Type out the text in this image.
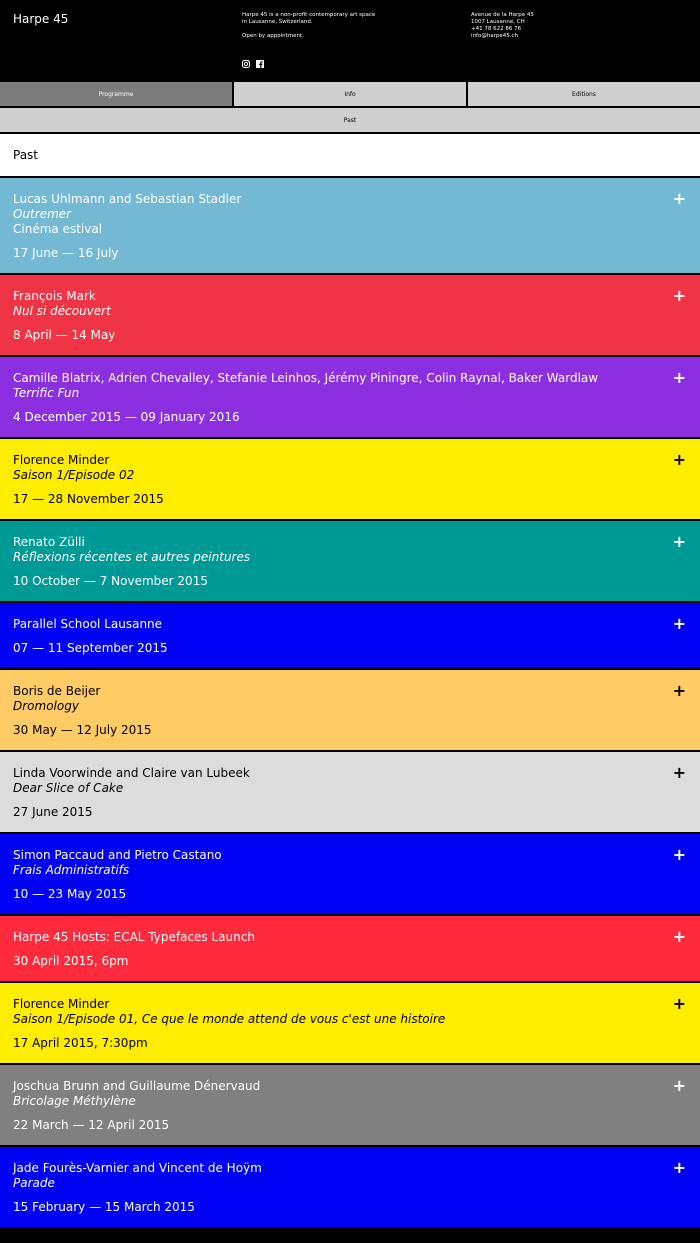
Harpe 45	Harpe 45 is a non-profit contemporary art space in Lausanne, Switzerland.

Open by appointment.

Avenue de la Harpe 45
1007 Lausanne, CH
+41 78 622 86 76
info@harpe45.ch
Programme	Info	Editions
Past
Past
Lucas Uhlmann and Sebastian Stadler
Outremer
Cinéma estival
17 June — 16 July
+
François Mark
Nul si découvert
8 April — 14 May
+
Camille Blatrix, Adrien Chevalley, Stefanie Leinhos, Jérémy Piningre, Colin Raynal, Baker Wardlaw
Terrific Fun
4 December 2015 — 09 January 2016
+
Florence Minder
Saison 1/Episode 02
17 — 28 November 2015
+
Renato Zülli
Réflexions récentes et autres peintures
10 October — 7 November 2015
+
Parallel School Lausanne
07 — 11 September 2015
+
Boris de Beijer
Dromology
30 May — 12 July 2015
+
Linda Voorwinde and Claire van Lubeek
Dear Slice of Cake
27 June 2015
+
Simon Paccaud and Pietro Castano
Frais Administratifs
10 — 23 May 2015
+
Harpe 45 Hosts: ECAL Typefaces Launch
30 April 2015, 6pm
+
Florence Minder
Saison 1/Episode 01, Ce que le monde attend de vous c'est une histoire
17 April 2015, 7:30pm
+
Joschua Brunn and Guillaume Dénervaud
Bricolage Méthylène
22 March — 12 April 2015
+
Jade Fourès-Varnier and Vincent de Hoÿm
Parade
15 February — 15 March 2015
+
